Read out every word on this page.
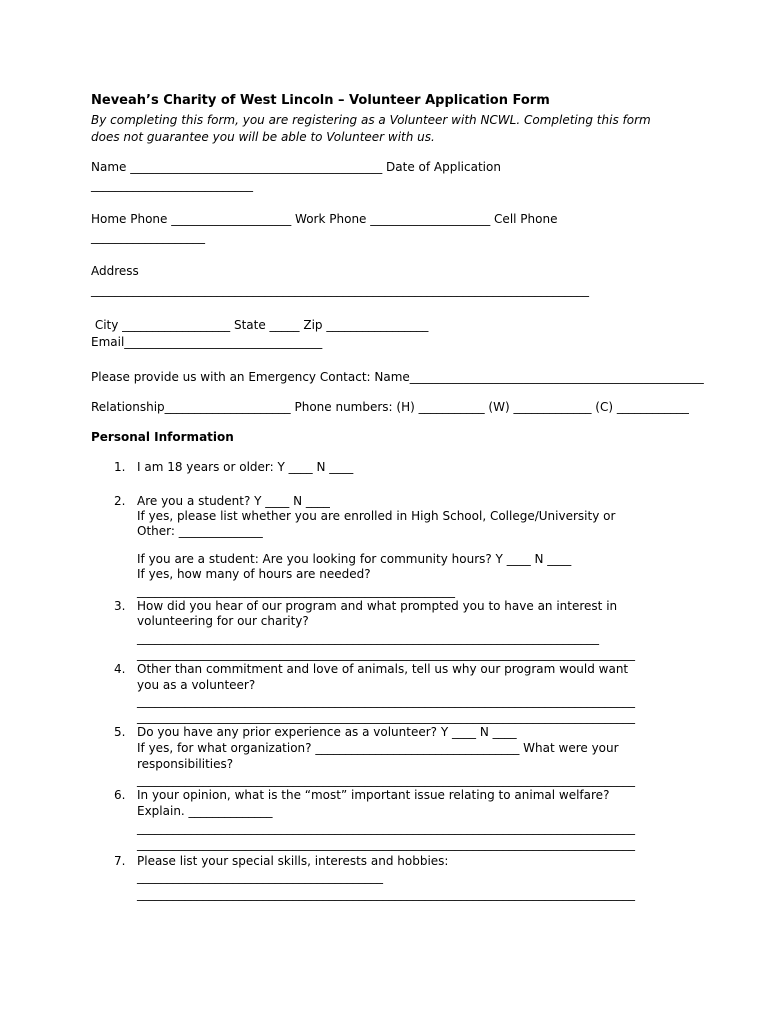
Neveah’s Charity of West Lincoln – Volunteer Application Form
By completing this form, you are registering as a Volunteer with NCWL. Completing this form
does not guarantee you will be able to Volunteer with us.
Name __________________________________________ Date of Application
___________________________
Home Phone ____________________ Work Phone ____________________ Cell Phone
___________________
Address
___________________________________________________________________________________
City __________________ State _____ Zip _________________
Email_________________________________
Please provide us with an Emergency Contact: Name_________________________________________________
Relationship_____________________ Phone numbers: (H) ___________ (W) _____________ (C) ____________
Personal Information
1. I am 18 years or older: Y ____ N ____
2. Are you a student? Y ____ N ____
If yes, please list whether you are enrolled in High School, College/University or
Other: ______________
If you are a student: Are you looking for community hours? Y ____ N ____
If yes, how many of hours are needed?
_____________________________________________________
3. How did you hear of our program and what prompted you to have an interest in
volunteering for our charity?
_____________________________________________________________________________
___________________________________________________________________________________
4. Other than commitment and love of animals, tell us why our program would want
you as a volunteer?
___________________________________________________________________________________
___________________________________________________________________________________
5. Do you have any prior experience as a volunteer? Y ____ N ____
If yes, for what organization? __________________________________ What were your
responsibilities?
___________________________________________________________________________________
6. In your opinion, what is the “most” important issue relating to animal welfare?
Explain. ______________
___________________________________________________________________________________
___________________________________________________________________________________
7. Please list your special skills, interests and hobbies:
_________________________________________
___________________________________________________________________________________
